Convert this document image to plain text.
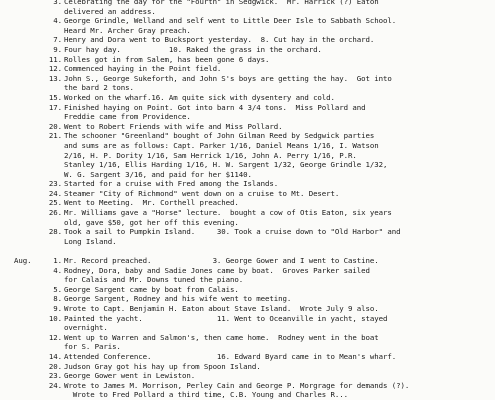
3. Celebrating the day for the "Fourth" in Sedgwick.  Mr. Harrick (?) Eaton
delivered an address.
4. George Grindle, Welland and self went to Little Deer Isle to Sabbath School.
Heard Mr. Archer Gray preach.
7. Henry and Dora went to Bucksport yesterday.  8. Cut hay in the orchard.
9. Four hay day.           10. Raked the grass in the orchard.
11. Rolles got in from Salem, has been gone 6 days.
12. Commenced haying in the Point field.
13. John S., George Sukeforth, and John S's boys are getting the hay.  Got into
the bard 2 tons.
15. Worked on the wharf.16. Am quite sick with dysentery and cold.
17. Finished haying on Point. Got into barn 4 3/4 tons.  Miss Pollard and
Freddie came from Providence.
20. Went to Robert Friends with wife and Miss Pollard.
21. The schooner "Greenland" bought of John Gilman Reed by Sedgwick parties
and sums are as follows: Capt. Parker 1/16, Daniel Means 1/16, I. Watson
2/16, H. P. Dority 1/16, Sam Herrick 1/16, John A. Perry 1/16, P.R.
Stanley 1/16, Ellis Harding 1/16, H. W. Sargent 1/32, George Grindle 1/32,
W. G. Sargent 3/16, and paid for her $1140.
23. Started for a cruise with Fred among the Islands.
24. Steamer "City of Richmond" went down on a cruise to Mt. Desert.
25. Went to Meeting.  Mr. Corthell preached.
26. Mr. Williams gave a "Horse" lecture.  bought a cow of Otis Eaton, six years
old, gave $50, got her off this evening.
28. Took a sail to Pumpkin Island.     30. Took a cruise down to "Old Harbor" and
Long Island.
Aug.	1. Mr. Record preached.              3. George Gower and I went to Castine.
4. Rodney, Dora, baby and Sadie Jones came by boat.  Groves Parker sailed
for Calais and Mr. Downs tuned the piano.
5. George Sargent came by boat from Calais.
8. George Sargent, Rodney and his wife went to meeting.
9. Wrote to Capt. Benjamin H. Eaton about Stave Island.  Wrote July 9 also.
10. Painted the yacht.                 11. Went to Oceanville in yacht, stayed
overnight.
12. Went up to Warren and Salmon's, then came home.  Rodney went in the boat
for S. Paris.
14. Attended Conference.               16. Edward Byard came in to Mean's wharf.
20. Judson Gray got his hay up from Spoon Island.
23. George Gower went in Lewiston.
24. Wrote to James M. Morrison, Perley Cain and George P. Morgrage for demands (?).
Wrote to Fred Pollard a third time, C.B. Young and Charles R...
